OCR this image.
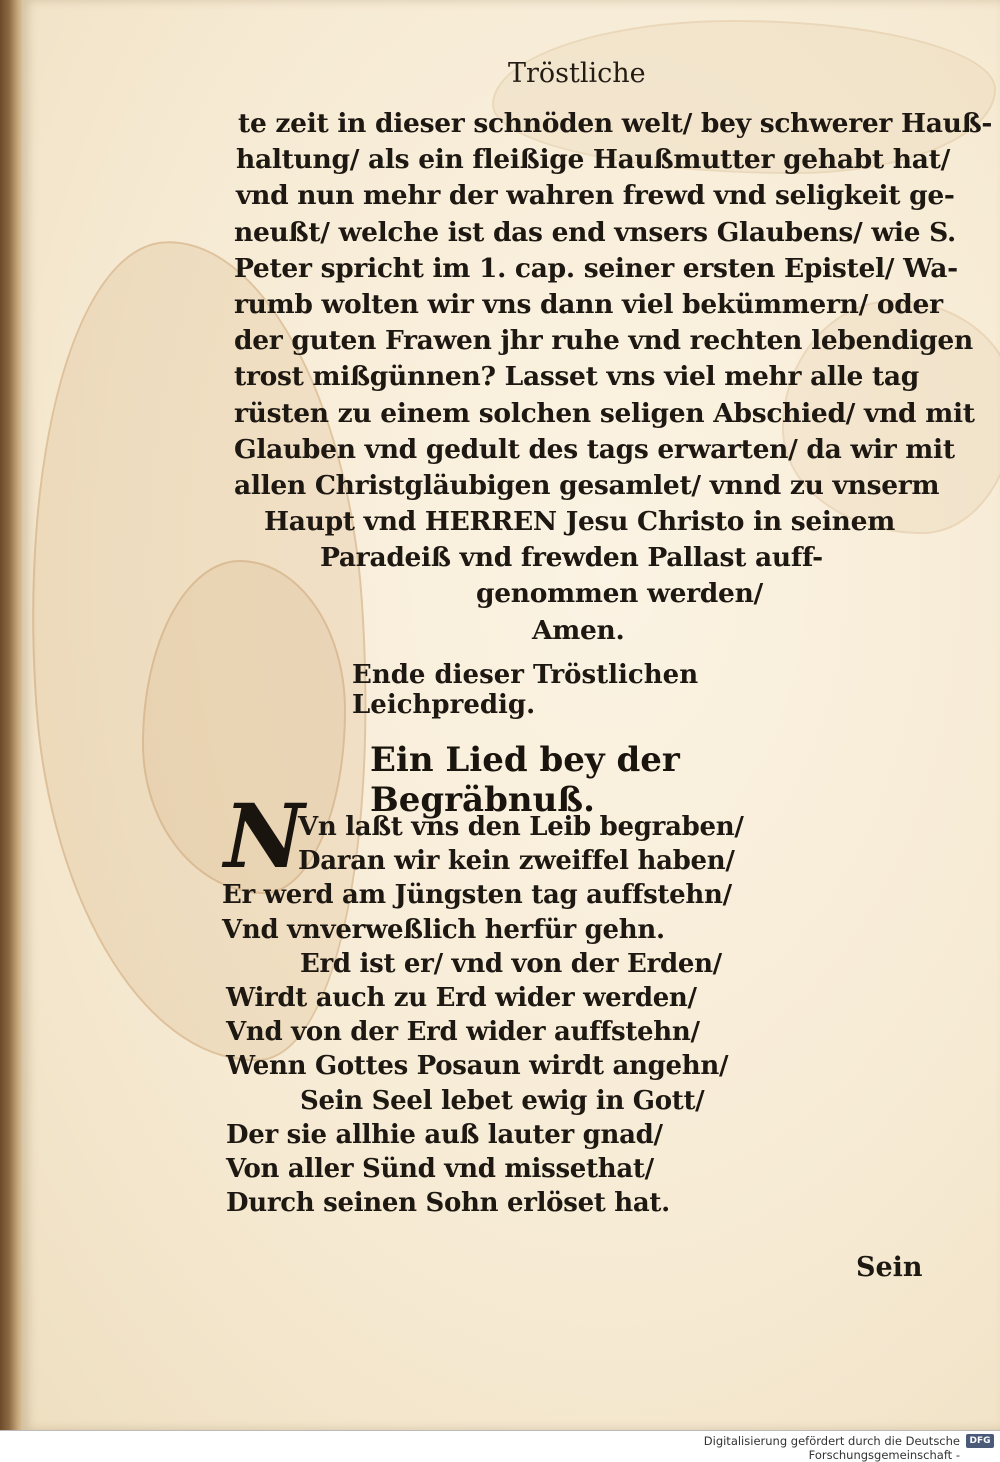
Tröstliche
te zeit in dieser schnöden welt/ bey schwerer Hauß-
haltung/ als ein fleißige Haußmutter gehabt hat/
vnd nun mehr der wahren frewd vnd seligkeit ge-
neußt/ welche ist das end vnsers Glaubens/ wie S.
Peter spricht im 1. cap. seiner ersten Epistel/ Wa-
rumb wolten wir vns dann viel bekümmern/ oder
der guten Frawen jhr ruhe vnd rechten lebendigen
trost mißgünnen? Lasset vns viel mehr alle tag
rüsten zu einem solchen seligen Abschied/ vnd mit
Glauben vnd gedult des tags erwarten/ da wir mit
allen Christgläubigen gesamlet/ vnnd zu vnserm
Haupt vnd HERREN Jesu Christo in seinem
Paradeiß vnd frewden Pallast auff-
genommen werden/
Amen.
Ende dieser Tröstlichen Leichpredig.
Ein Lied bey der Begräbnuß.
N
Vn laßt vns den Leib begraben/
Daran wir kein zweiffel haben/
Er werd am Jüngsten tag auffstehn/
Vnd vnverweßlich herfür gehn.
Erd ist er/ vnd von der Erden/
Wirdt auch zu Erd wider werden/
Vnd von der Erd wider auffstehn/
Wenn Gottes Posaun wirdt angehn/
Sein Seel lebet ewig in Gott/
Der sie allhie auß lauter gnad/
Von aller Sünd vnd missethat/
Durch seinen Sohn erlöset hat.
Sein
Digitalisierung gefördert durch die Deutsche Forschungsgemeinschaft -
DFG
